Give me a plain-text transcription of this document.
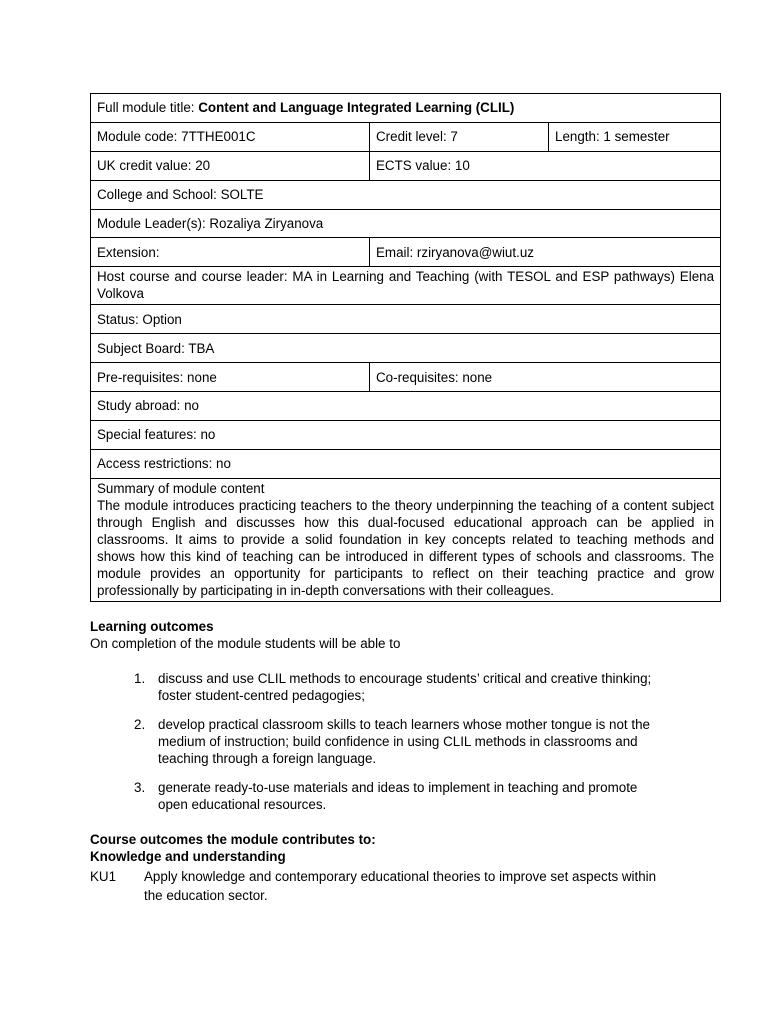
Full module title: Content and Language Integrated Learning (CLIL)		
Module code: 7TTHE001C	Credit level: 7	Length: 1 semester
UK credit value: 20	ECTS value: 10	
College and School: SOLTE		
Module Leader(s): Rozaliya Ziryanova		
Extension:	Email: rziryanova@wiut.uz	
Host course and course leader: MA in Learning and Teaching (with TESOL and ESP pathways) Elena Volkova		
Status: Option		
Subject Board: TBA		
Pre-requisites: none	Co-requisites: none	
Study abroad: no		
Special features: no		
Access restrictions: no		

Summary of module content
The module introduces practicing teachers to the theory underpinning the teaching of a content subject through English and discusses how this dual-focused educational approach can be applied in classrooms. It aims to provide a solid foundation in key concepts related to teaching methods and shows how this kind of teaching can be introduced in different types of schools and classrooms. The module provides an opportunity for participants to reflect on their teaching practice and grow professionally by participating in in-depth conversations with their colleagues.		
Learning outcomes
On completion of the module students will be able to
1. discuss and use CLIL methods to encourage students’ critical and creative thinking; foster student-centred pedagogies;
2. develop practical classroom skills to teach learners whose mother tongue is not the medium of instruction; build confidence in using CLIL methods in classrooms and teaching through a foreign language.
3. generate ready-to-use materials and ideas to implement in teaching and promote open educational resources.
Course outcomes the module contributes to:
Knowledge and understanding
KU1	Apply knowledge and contemporary educational theories to improve set aspects within the education sector.
